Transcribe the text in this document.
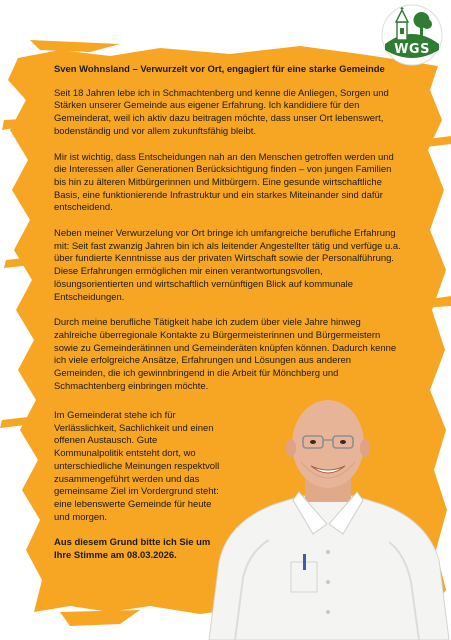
WGS
Sven Wohnsland – Verwurzelt vor Ort, engagiert für eine starke Gemeinde

Seit 18 Jahren lebe ich in Schmachtenberg und kenne die Anliegen, Sorgen und Stärken unserer Gemeinde aus eigener Erfahrung. Ich kandidiere für den Gemeinderat, weil ich aktiv dazu beitragen möchte, dass unser Ort lebenswert, bodenständig und vor allem zukunftsfähig bleibt.

Mir ist wichtig, dass Entscheidungen nah an den Menschen getroffen werden und die Interessen aller Generationen Berücksichtigung finden – von jungen Familien bis hin zu älteren Mitbürgerinnen und Mitbürgern. Eine gesunde wirtschaftliche Basis, eine funktionierende Infrastruktur und ein starkes Miteinander sind dafür entscheidend.

Neben meiner Verwurzelung vor Ort bringe ich umfangreiche berufliche Erfahrung mit: Seit fast zwanzig Jahren bin ich als leitender Angestellter tätig und verfüge u.a. über fundierte Kenntnisse aus der privaten Wirtschaft sowie der Personalführung. Diese Erfahrungen ermöglichen mir einen verantwortungsvollen, lösungsorientierten und wirtschaftlich vernünftigen Blick auf kommunale Entscheidungen.

Durch meine berufliche Tätigkeit habe ich zudem über viele Jahre hinweg zahlreiche überregionale Kontakte zu Bürgermeisterinnen und Bürgermeistern sowie zu Gemeinderätinnen und Gemeinderäten knüpfen können. Dadurch kenne ich viele erfolgreiche Ansätze, Erfahrungen und Lösungen aus anderen Gemeinden, die ich gewinnbringend in die Arbeit für Mönchberg und Schmachtenberg einbringen möchte.

Im Gemeinderat stehe ich für Verlässlichkeit, Sachlichkeit und einen offenen Austausch. Gute Kommunalpolitik entsteht dort, wo unterschiedliche Meinungen respektvoll zusammengeführt werden und das gemeinsame Ziel im Vordergrund steht: eine lebenswerte Gemeinde für heute und morgen.

Aus diesem Grund bitte ich Sie um Ihre Stimme am 08.03.2026.
